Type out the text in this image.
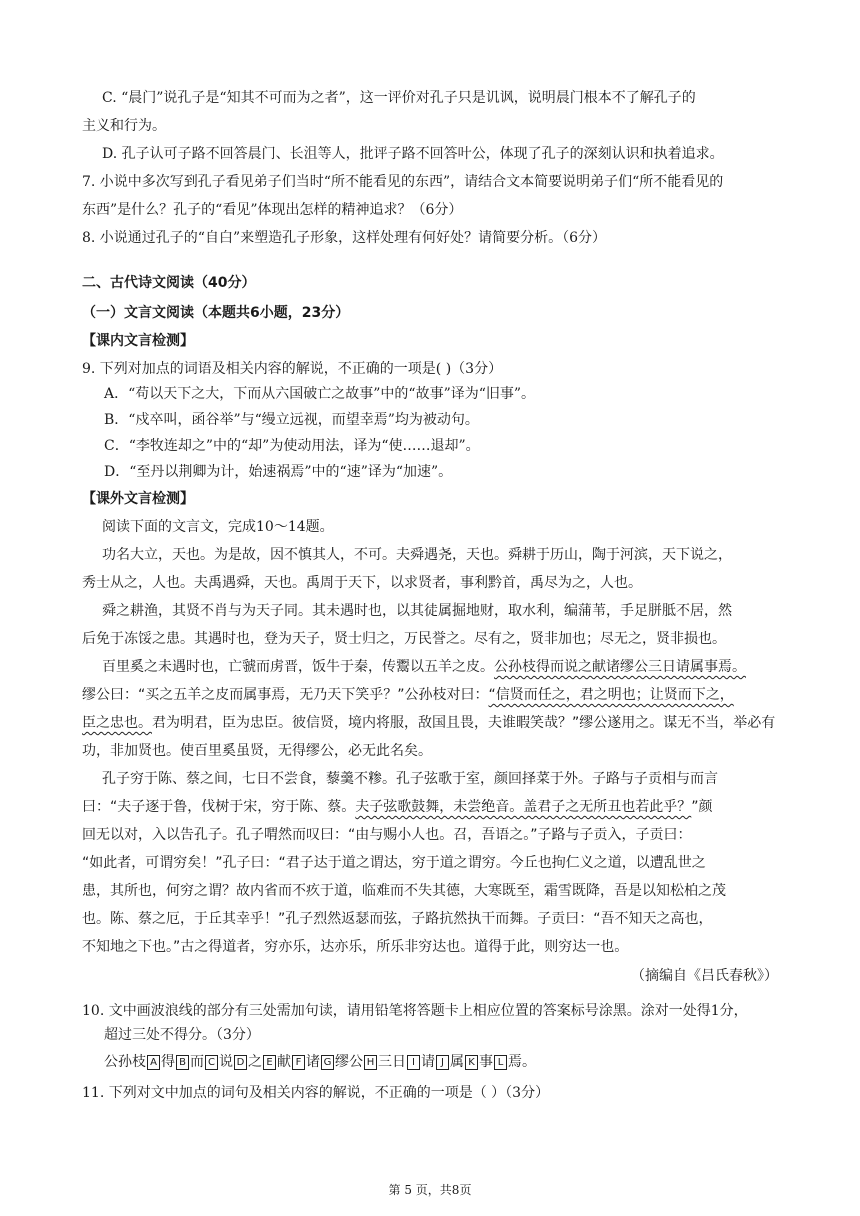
C. “晨门”说孔子是“知其不可而为之者”，这一评价对孔子只是讥讽，说明晨门根本不了解孔子的
主义和行为。
D. 孔子认可子路不回答晨门、长沮等人，批评子路不回答叶公，体现了孔子的深刻认识和执着追求。
7. 小说中多次写到孔子看见弟子们当时“所不能看见的东西”，请结合文本简要说明弟子们“所不能看见的
东西”是什么？孔子的“看见”体现出怎样的精神追求？（6分）
8. 小说通过孔子的“自白”来塑造孔子形象，这样处理有何好处？请简要分析。（6分）
二、古代诗文阅读（40分）
（一）文言文阅读（本题共6小题，23分）
【课内文言检测】
9. 下列对加点的词语及相关内容的解说，不正确的一项是( )（3分）
A．“苟以天下之大，下而从六国破亡之故事”中的“故事”译为“旧事”。
B．“戍卒叫，函谷举”与“缦立远视，而望幸焉”均为被动句。
C．“李牧连却之”中的“却”为使动用法，译为“使……退却”。
D．“至丹以荆卿为计，始速祸焉”中的“速”译为“加速”。
【课外文言检测】
阅读下面的文言文，完成10～14题。
功名大立，天也。为是故，因不慎其人，不可。夫舜遇尧，天也。舜耕于历山，陶于河滨，天下说之，
秀士从之，人也。夫禹遇舜，天也。禹周于天下，以求贤者，事利黔首，禹尽为之，人也。
舜之耕渔，其贤不肖与为天子同。其未遇时也，以其徒属掘地财，取水利，编蒲苇，手足胼胝不居，然
后免于冻馁之患。其遇时也，登为天子，贤士归之，万民誉之。尽有之，贤非加也；尽无之，贤非损也。
百里奚之未遇时也，亡虢而虏晋，饭牛于秦，传鬻以五羊之皮。公孙枝得而说之献诸缪公三日请属事焉。
缪公曰：“买之五羊之皮而属事焉，无乃天下笑乎？”公孙枝对曰：“信贤而任之，君之明也；让贤而下之，
臣之忠也。君为明君，臣为忠臣。彼信贤，境内将服，敌国且畏，夫谁暇笑哉？”缪公遂用之。谋无不当，举必有
功，非加贤也。使百里奚虽贤，无得缪公，必无此名矣。
孔子穷于陈、蔡之间，七日不尝食，藜羹不糁。孔子弦歌于室，颜回择菜于外。子路与子贡相与而言
曰：“夫子逐于鲁，伐树于宋，穷于陈、蔡。夫子弦歌鼓舞，未尝绝音。盖君子之无所丑也若此乎？”颜
回无以对，入以告孔子。孔子喟然而叹曰：“由与赐小人也。召，吾语之。”子路与子贡入，子贡曰：
“如此者，可谓穷矣！”孔子曰：“君子达于道之谓达，穷于道之谓穷。今丘也拘仁义之道，以遭乱世之
患，其所也，何穷之谓？故内省而不疚于道，临难而不失其德，大寒既至，霜雪既降，吾是以知松柏之茂
也。陈、蔡之厄，于丘其幸乎！”孔子烈然返瑟而弦，子路抗然执干而舞。子贡曰：“吾不知天之高也，
不知地之下也。”古之得道者，穷亦乐，达亦乐，所乐非穷达也。道得于此，则穷达一也。
（摘编自《吕氏春秋》）
10. 文中画波浪线的部分有三处需加句读，请用铅笔将答题卡上相应位置的答案标号涂黑。涂对一处得1分，
超过三处不得分。（3分）
公孙枝 A 得 B 而 C 说 D 之 E 献 F 诸 G 缪公 H 三日 I 请 J 属 K 事 L 焉。
11. 下列对文中加点的词句及相关内容的解说，不正确的一项是（ ）（3分）
第 5 页，共8页
